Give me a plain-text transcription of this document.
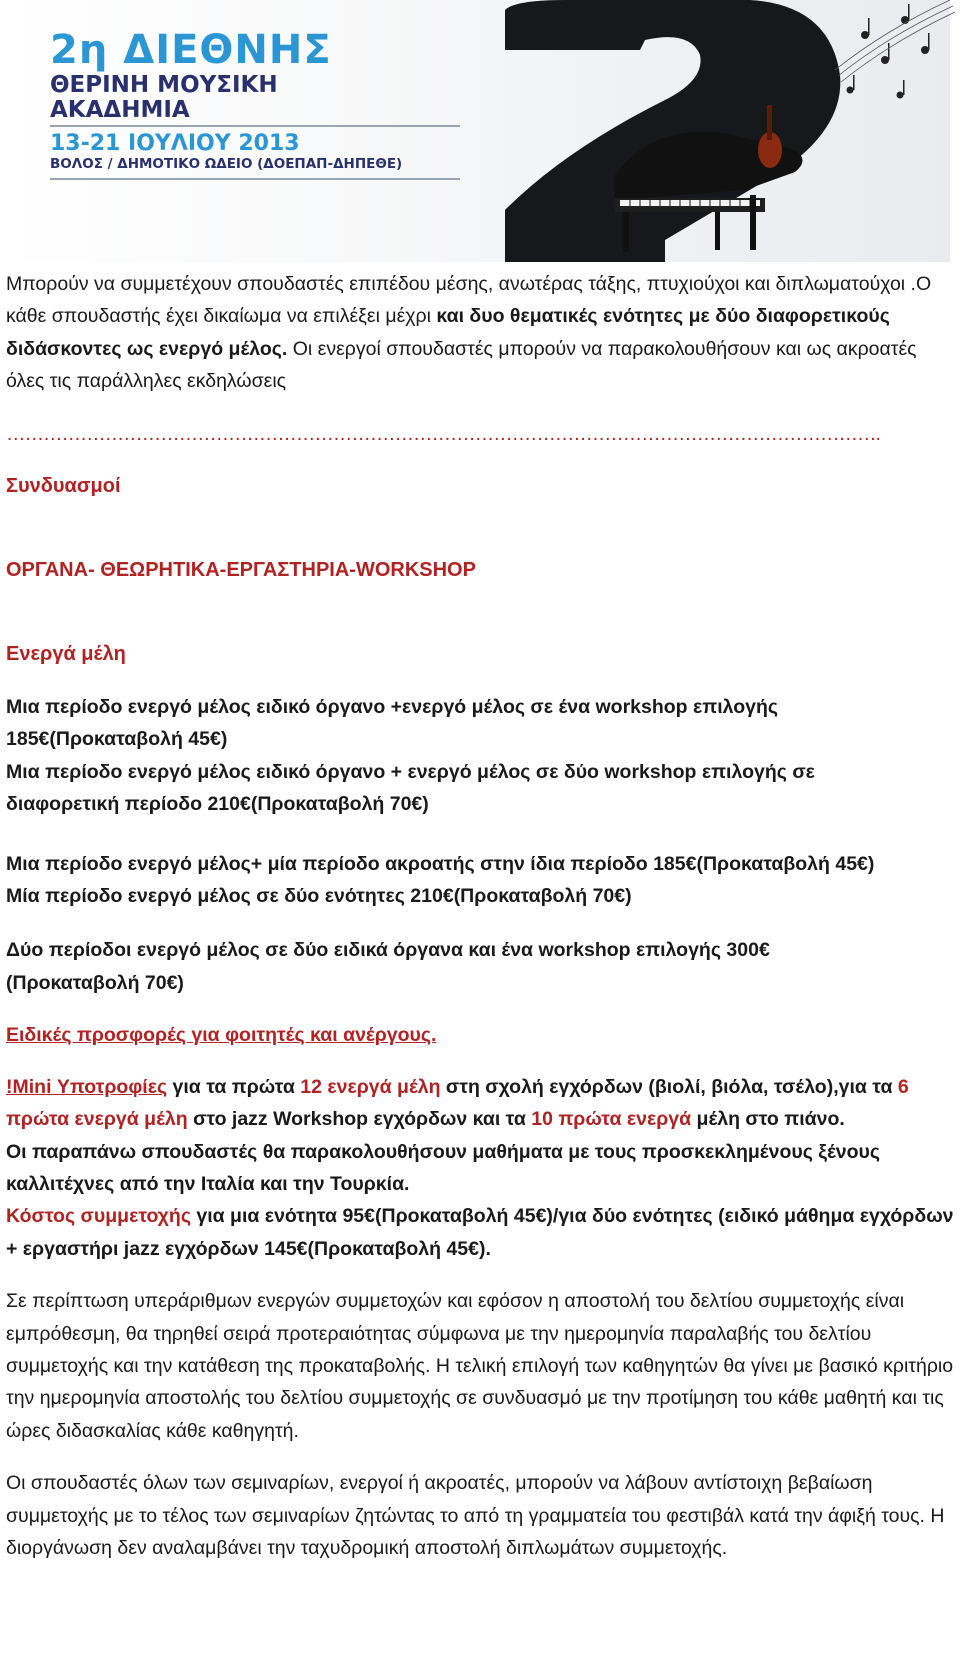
2η ΔΙΕΘΝΗΣ
ΘΕΡΙΝΗ ΜΟΥΣΙΚΗ
ΑΚΑΔΗΜΙΑ
13-21 ΙΟΥΛΙΟΥ 2013
ΒΟΛΟΣ / ΔΗΜΟΤΙΚΟ ΩΔΕΙΟ (ΔΟΕΠΑΠ-ΔΗΠΕΘΕ)

Μπορούν να συμμετέχουν σπουδαστές επιπέδου μέσης, ανωτέρας τάξης, πτυχιούχοι και διπλωματούχοι .Ο κάθε σπουδαστής έχει δικαίωμα να επιλέξει μέχρι και δυο θεματικές ενότητες με δύο διαφορετικούς διδάσκοντες ως ενεργό μέλος. Οι ενεργοί σπουδαστές μπορούν να παρακολουθήσουν και ως ακροατές όλες τις παράλληλες εκδηλώσεις

…………………………………………………………………………………………………………………………….

Συνδυασμοί

ΟΡΓΑΝΑ- ΘΕΩΡΗΤΙΚΑ-ΕΡΓΑΣΤΗΡΙΑ-WORKSHOP

Ενεργά μέλη

Μια περίοδο ενεργό μέλος ειδικό όργανο +ενεργό μέλος σε ένα workshop επιλογής
185€(Προκαταβολή 45€)

Μια περίοδο ενεργό μέλος ειδικό όργανο + ενεργό μέλος σε δύο workshop επιλογής σε
διαφορετική περίοδο 210€(Προκαταβολή 70€)

Μια περίοδο ενεργό μέλος+ μία περίοδο ακροατής στην ίδια περίοδο 185€(Προκαταβολή 45€)

Μία περίοδο ενεργό μέλος σε δύο ενότητες 210€(Προκαταβολή 70€)

Δύο περίοδοι ενεργό μέλος σε δύο ειδικά όργανα και ένα workshop επιλογής 300€
(Προκαταβολή 70€)

Ειδικές προσφορές για φοιτητές και ανέργους.

!Mini Υποτροφίες για τα πρώτα 12 ενεργά μέλη στη σχολή εγχόρδων (βιολί, βιόλα, τσέλο),για τα 6 πρώτα ενεργά μέλη στο jazz Workshop εγχόρδων και τα 10 πρώτα ενεργά μέλη στο πιάνο.
Οι παραπάνω σπουδαστές θα παρακολουθήσουν μαθήματα με τους προσκεκλημένους ξένους καλλιτέχνες από την Ιταλία και την Τουρκία.
Κόστος συμμετοχής για μια ενότητα 95€(Προκαταβολή 45€)/για δύο ενότητες (ειδικό μάθημα εγχόρδων + εργαστήρι jazz εγχόρδων 145€(Προκαταβολή 45€).

Σε περίπτωση υπεράριθμων ενεργών συμμετοχών και εφόσον η αποστολή του δελτίου συμμετοχής είναι εμπρόθεσμη, θα τηρηθεί σειρά προτεραιότητας σύμφωνα με την ημερομηνία παραλαβής του δελτίου συμμετοχής και την κατάθεση της προκαταβολής. Η τελική επιλογή των καθηγητών θα γίνει με βασικό κριτήριο την ημερομηνία αποστολής του δελτίου συμμετοχής σε συνδυασμό με την προτίμηση του κάθε μαθητή και τις ώρες διδασκαλίας κάθε καθηγητή.

Οι σπουδαστές όλων των σεμιναρίων, ενεργοί ή ακροατές, μπορούν να λάβουν αντίστοιχη βεβαίωση συμμετοχής με το τέλος των σεμιναρίων ζητώντας το από τη γραμματεία του φεστιβάλ κατά την άφιξή τους. Η διοργάνωση δεν αναλαμβάνει την ταχυδρομική αποστολή διπλωμάτων συμμετοχής.
